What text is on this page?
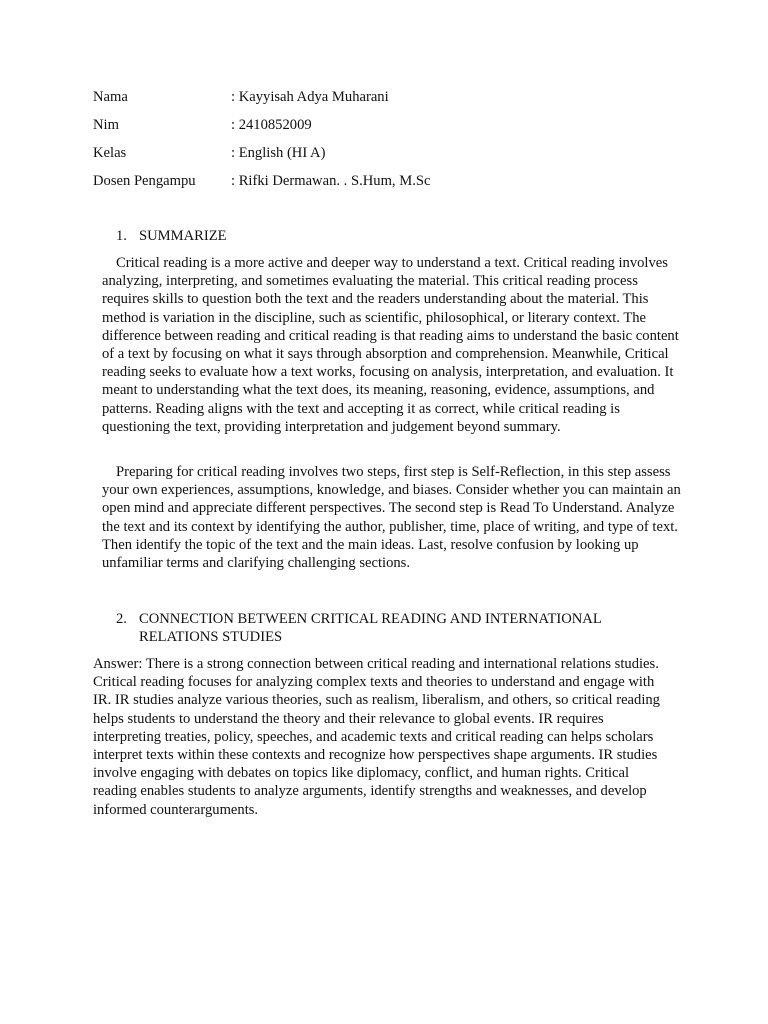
Nama	: Kayyisah Adya Muharani
Nim	: 2410852009
Kelas	: English (HI A)
Dosen Pengampu	: Rifki Dermawan. . S.Hum, M.Sc
1. SUMMARIZE

Critical reading is a more active and deeper way to understand a text. Critical reading involves analyzing, interpreting, and sometimes evaluating the material. This critical reading process requires skills to question both the text and the readers understanding about the material. This method is variation in the discipline, such as scientific, philosophical, or literary context. The difference between reading and critical reading is that reading aims to understand the basic content of a text by focusing on what it says through absorption and comprehension. Meanwhile, Critical reading seeks to evaluate how a text works, focusing on analysis, interpretation, and evaluation. It meant to understanding what the text does, its meaning, reasoning, evidence, assumptions, and patterns. Reading aligns with the text and accepting it as correct, while critical reading is questioning the text, providing interpretation and judgement beyond summary.

Preparing for critical reading involves two steps, first step is Self-Reflection, in this step assess your own experiences, assumptions, knowledge, and biases. Consider whether you can maintain an open mind and appreciate different perspectives. The second step is Read To Understand. Analyze the text and its context by identifying the author, publisher, time, place of writing, and type of text. Then identify the topic of the text and the main ideas. Last, resolve confusion by looking up unfamiliar terms and clarifying challenging sections.

2. CONNECTION BETWEEN CRITICAL READING AND INTERNATIONAL RELATIONS STUDIES

Answer: There is a strong connection between critical reading and international relations studies. Critical reading focuses for analyzing complex texts and theories to understand and engage with IR. IR studies analyze various theories, such as realism, liberalism, and others, so critical reading helps students to understand the theory and their relevance to global events. IR requires interpreting treaties, policy, speeches, and academic texts and critical reading can helps scholars interpret texts within these contexts and recognize how perspectives shape arguments. IR studies involve engaging with debates on topics like diplomacy, conflict, and human rights. Critical reading enables students to analyze arguments, identify strengths and weaknesses, and develop informed counterarguments.
